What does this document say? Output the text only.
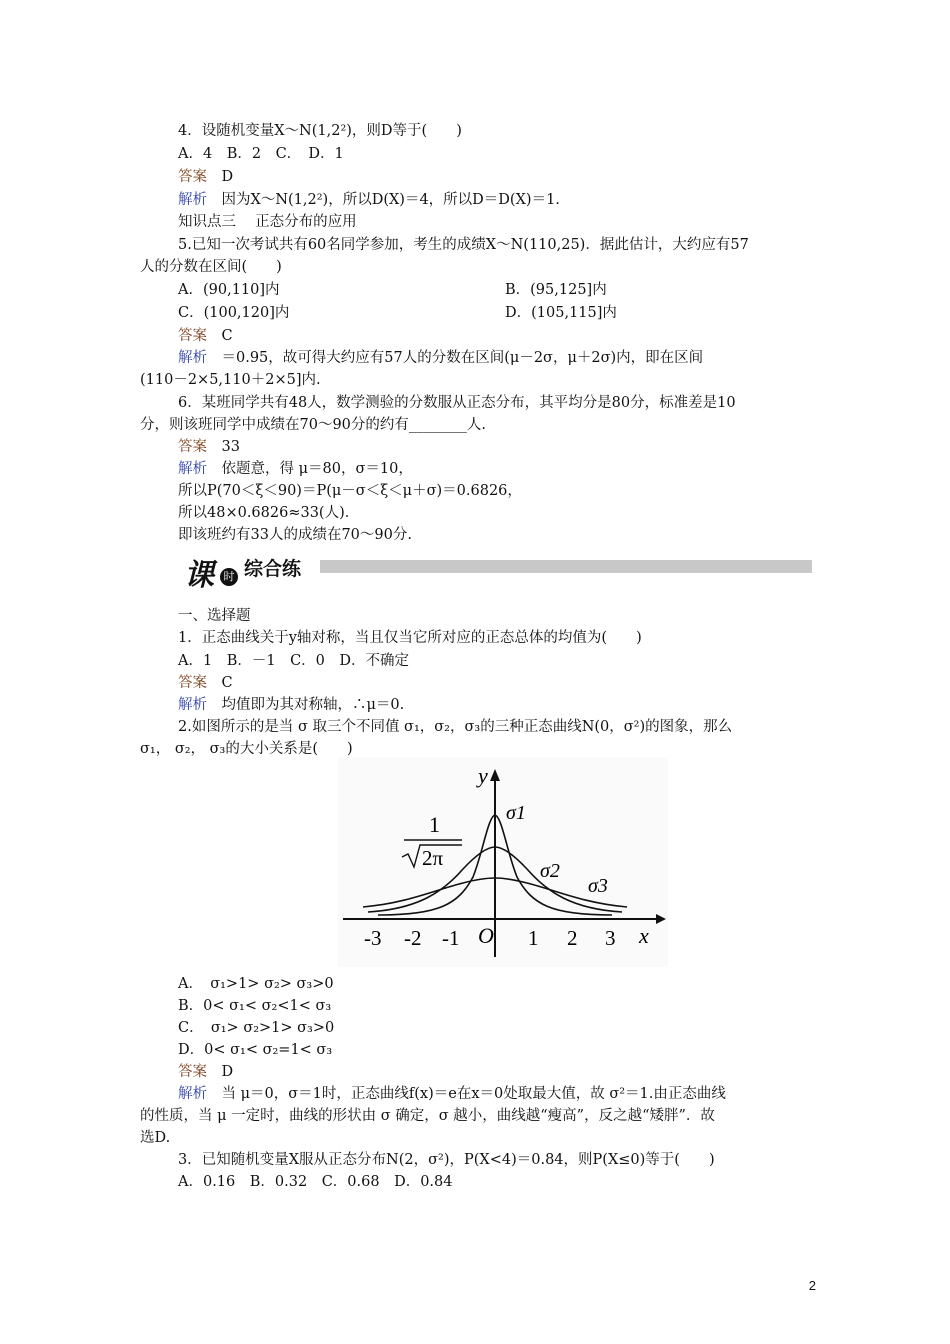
4．设随机变量X～N(1,2²)，则D等于(　　)
A．4　B．2　C．　D．1
答案　 D
解析　 因为X～N(1,2²)，所以D(X)＝4，所以D＝D(X)＝1.
知识点三　 正态分布的应用
5.已知一次考试共有60名同学参加，考生的成绩X～N(110,25)．据此估计，大约应有57
人的分数在区间(　　)
A．(90,110]内	B．(95,125]内
C．(100,120]内	D．(105,115]内
答案　 C
解析　 ＝0.95，故可得大约应有57人的分数在区间(μ－2σ，μ＋2σ)内，即在区间
(110－2×5,110＋2×5]内.
6．某班同学共有48人，数学测验的分数服从正态分布，其平均分是80分，标准差是10
分，则该班同学中成绩在70～90分的约有________人.
答案　 33
解析　 依题意，得 μ＝80，σ＝10，
所以P(70＜ξ＜90)＝P(μ－σ＜ξ＜μ＋σ)＝0.6826，
所以48×0.6826≈33(人)．
即该班约有33人的成绩在70～90分.
课 时 综合练
一、选择题
1．正态曲线关于y轴对称，当且仅当它所对应的正态总体的均值为(　　)
A．1　B．－1　C．0　D．不确定
答案　 C
解析　 均值即为其对称轴，∴μ＝0.
2.如图所示的是当 σ 取三个不同值 σ₁，σ₂，σ₃的三种正态曲线N(0，σ²)的图象，那么
σ₁， σ₂， σ₃的大小关系是(　　)
y
x
O
σ1
σ2
σ3
1
2π
-3 -2 -1	1 2 3
A．　σ₁>1> σ₂> σ₃>0
B．0< σ₁< σ₂<1< σ₃
C．　σ₁> σ₂>1> σ₃>0
D．0< σ₁< σ₂=1< σ₃
答案　 D
解析　 当 μ＝0，σ＝1时，正态曲线f(x)＝e在x＝0处取最大值，故 σ²＝1.由正态曲线
的性质，当 μ 一定时，曲线的形状由 σ 确定，σ 越小，曲线越“瘦高”，反之越“矮胖”．故
选D.
3．已知随机变量X服从正态分布N(2，σ²)，P(X<4)＝0.84，则P(X≤0)等于(　　)
A．0.16　B．0.32　C．0.68　D．0.84
2
